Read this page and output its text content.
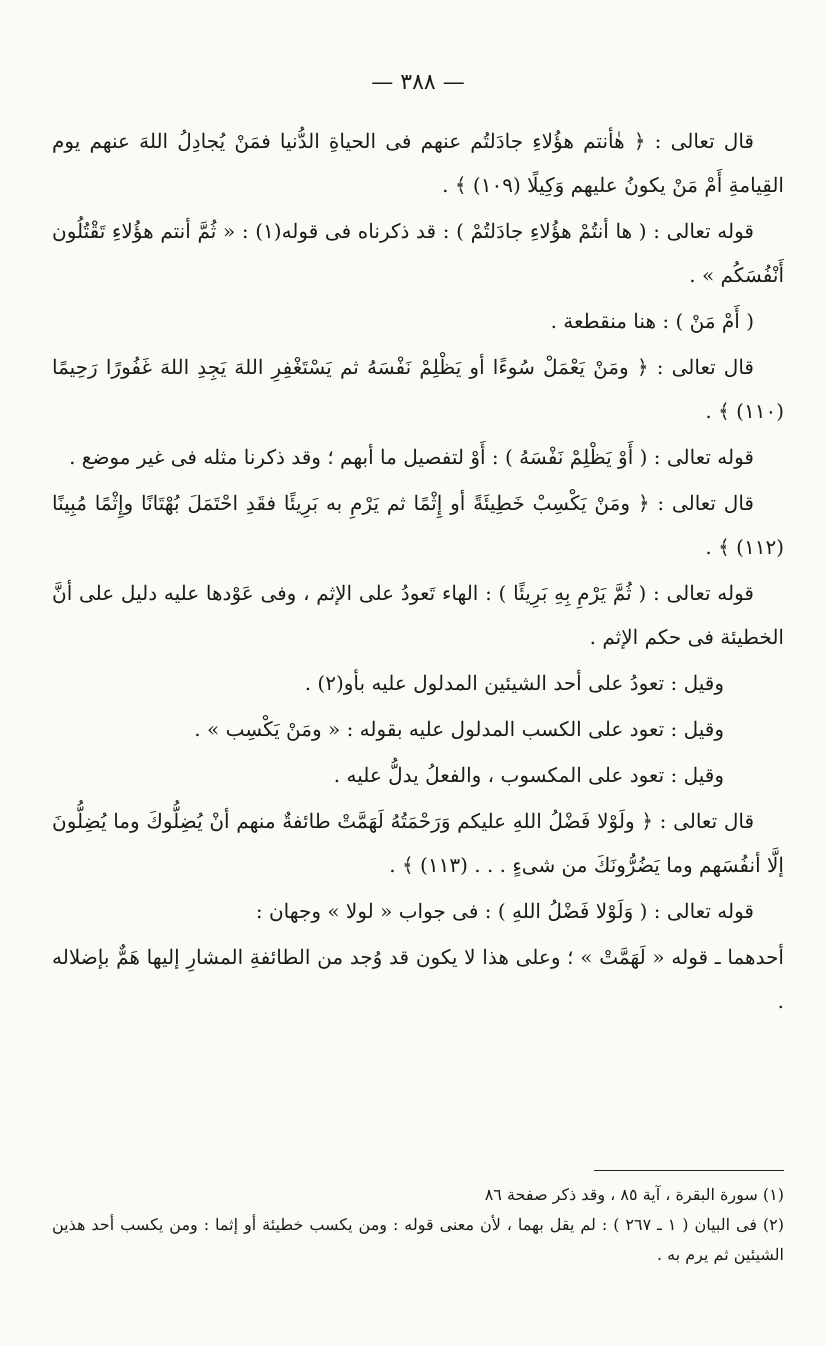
— ٣٨٨ —

قال تعالى : ﴿ هٰأنتم هؤُلاءِ جادَلتُم عنهم فى الحياةِ الدُّنيا فمَنْ يُجادِلُ اللهَ عنهم يوم القِيامةِ أَمْ مَنْ يكونُ عليهم وَكِيلًا (١٠٩) ﴾ .

قوله تعالى : ( ها أنتُمْ هؤُلاءِ جادَلتُمْ ) : قد ذكرناه فى قوله(١) : « ثُمَّ أنتم هؤُلاءِ تَقْتُلُون أَنْفُسَكُم » .

( أَمْ مَنْ ) : هنا منقطعة .

قال تعالى : ﴿ ومَنْ يَعْمَلْ سُوءًا أو يَظْلِمْ نَفْسَهُ ثم يَسْتَغْفِرِ اللهَ يَجِدِ اللهَ غَفُورًا رَحِيمًا (١١٠) ﴾ .

قوله تعالى : ( أَوْ يَظْلِمْ نَفْسَهُ ) : أَوْ لتفصيل ما أبهم ؛ وقد ذكرنا مثله فى غير موضع .

قال تعالى : ﴿ ومَنْ يَكْسِبْ خَطِيئَةً أو إِثْمًا ثم يَرْمِ به بَرِيئًا فقَدِ احْتَمَلَ بُهْتَانًا وإِثْمًا مُبِينًا (١١٢) ﴾ .

قوله تعالى : ( ثُمَّ يَرْمِ بِهِ بَرِيئًا ) : الهاء تَعودُ على الإثم ، وفى عَوْدها عليه دليل على أنَّ الخطيئة فى حكم الإثم .

وقيل : تعودُ على أحد الشيئين المدلول عليه بأو(٢) .

وقيل : تعود على الكسب المدلول عليه بقوله : « ومَنْ يَكْسِب » .

وقيل : تعود على المكسوب ، والفعلُ يدلُّ عليه .

قال تعالى : ﴿ ولَوْلا فَضْلُ اللهِ عليكم وَرَحْمَتُهُ لَهَمَّتْ طائفةٌ منهم أنْ يُضِلُّوكَ وما يُضِلُّونَ إلَّا أنفُسَهم وما يَضُرُّونَكَ من شىءٍ . . . (١١٣) ﴾ .

قوله تعالى : ( وَلَوْلا فَضْلُ اللهِ ) : فى جواب « لولا » وجهان :

أحدهما ـ قوله « لَهَمَّتْ » ؛ وعلى هذا لا يكون قد وُجد من الطائفةِ المشارِ إليها هَمٌّ بإضلاله .

(١) سورة البقرة ، آية ٨٥ ، وقد ذكر صفحة ٨٦

(٢) فى البيان ( ١ ـ ٢٦٧ ) : لم يقل بهما ، لأن معنى قوله : ومن يكسب خطيئة أو إثما : ومن يكسب أحد هذين الشيئين ثم يرم به .
